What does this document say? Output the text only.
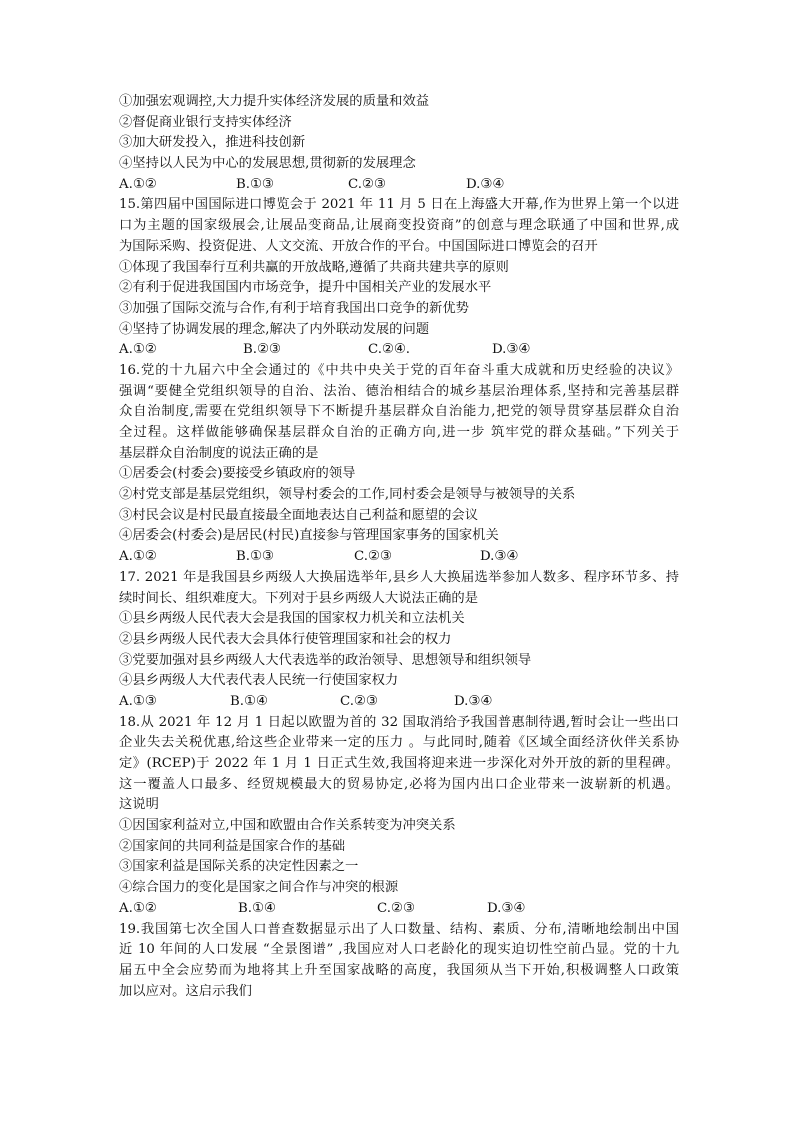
①加强宏观调控,大力提升实体经济发展的质量和效益
②督促商业银行支持实体经济
③加大研发投入，推进科技创新
④坚持以人民为中心的发展思想,贯彻新的发展理念
A.①②	B.①③	C.②③	D.③④
15.第四届中国国际进口博览会于 2021 年 11 月 5 日在上海盛大开幕,作为世界上第一个以进
口为主题的国家级展会,让展品变商品,让展商变投资商”的创意与理念联通了中国和世界,成
为国际采购、投资促进、人文交流、开放合作的平台。中国国际进口博览会的召开
①体现了我国奉行互利共赢的开放战略,遵循了共商共建共享的原则
②有利于促进我国国内市场竞争，提升中国相关产业的发展水平
③加强了国际交流与合作,有利于培育我国出口竞争的新优势
④坚持了协调发展的理念,解决了内外联动发展的问题
A.①②	B.②③	C.②④.	D.③④
16.党的十九届六中全会通过的《中共中央关于党的百年奋斗重大成就和历史经验的决议》
强调“要健全党组织领导的自治、法治、德治相结合的城乡基层治理体系,坚持和完善基层群
众自治制度,需要在党组织领导下不断提升基层群众自治能力,把党的领导贯穿基层群众自治
全过程。这样做能够确保基层群众自治的正确方向,进一步 筑牢党的群众基础。”下列关于
基层群众自治制度的说法正确的是
①居委会(村委会)要接受乡镇政府的领导
②村党支部是基层党组织，领导村委会的工作,同村委会是领导与被领导的关系
③村民会议是村民最直接最全面地表达自己利益和愿望的会议
④居委会(村委会)是居民(村民)直接参与管理国家事务的国家机关
A.①②	B.①③	C.②③	D.③④
17. 2021 年是我国县乡两级人大换届选举年,县乡人大换届选举参加人数多、程序环节多、持
续时间长、组织难度大。下列对于县乡两级人大说法正确的是
①县乡两级人民代表大会是我国的国家权力机关和立法机关
②县乡两级人民代表大会具体行使管理国家和社会的权力
③党要加强对县乡两级人大代表选举的政治领导、思想领导和组织领导
④县乡两级人大代表代表人民统一行使国家权力
A.①③	B.①④	C.②③	D.③④
18.从 2021 年 12 月 1 日起以欧盟为首的 32 国取消给予我国普惠制待遇,暂时会让一些出口
企业失去关税优惠,给这些企业带来一定的压力 。与此同时,随着《区域全面经济伙伴关系协
定》(RCEP)于 2022 年 1 月 1 日正式生效,我国将迎来进一步深化对外开放的新的里程碑。
这一覆盖人口最多、经贸规模最大的贸易协定,必将为国内出口企业带来一波崭新的机遇。
这说明
①因国家利益对立,中国和欧盟由合作关系转变为冲突关系
②国家间的共同利益是国家合作的基础
③国家利益是国际关系的决定性因素之一
④综合国力的变化是国家之间合作与冲突的根源
A.①②	B.①④	C.②③	D.③④
19.我国第七次全国人口普查数据显示出了人口数量、结构、素质、分布,清晰地绘制出中国
近 10 年间的人口发展 “全景图谱” ,我国应对人口老龄化的现实迫切性空前凸显。党的十九
届五中全会应势而为地将其上升至国家战略的高度，我国须从当下开始,积极调整人口政策
加以应对。这启示我们
